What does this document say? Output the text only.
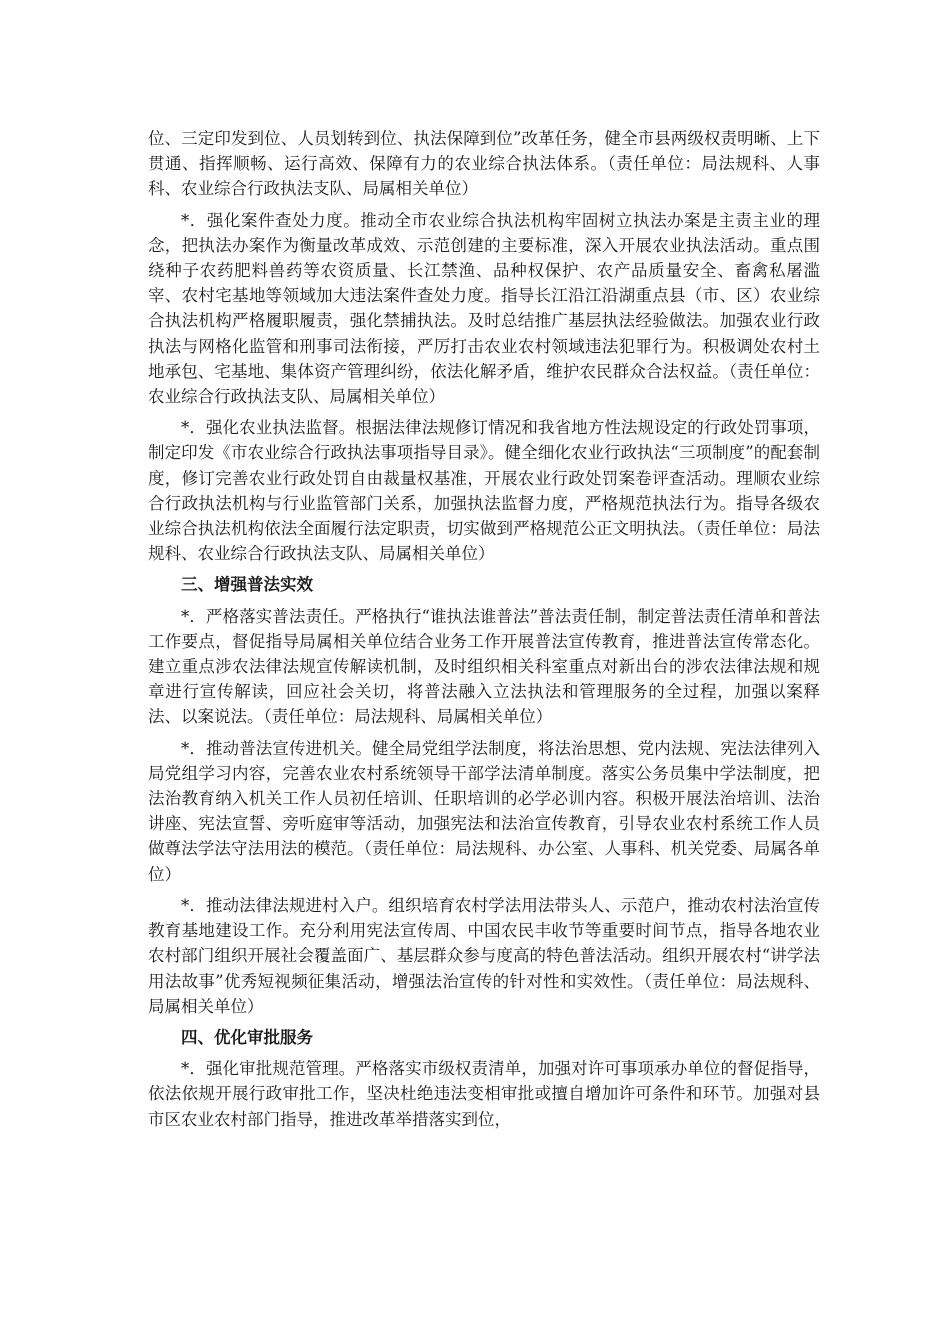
位、三定印发到位、人员划转到位、执法保障到位”改革任务，健全市县两级权责明晰、上下贯通、指挥顺畅、运行高效、保障有力的农业综合执法体系。（责任单位：局法规科、人事科、农业综合行政执法支队、局属相关单位）

*．强化案件查处力度。推动全市农业综合执法机构牢固树立执法办案是主责主业的理念，把执法办案作为衡量改革成效、示范创建的主要标准，深入开展农业执法活动。重点围绕种子农药肥料兽药等农资质量、长江禁渔、品种权保护、农产品质量安全、畜禽私屠滥宰、农村宅基地等领域加大违法案件查处力度。指导长江沿江沿湖重点县（市、区）农业综合执法机构严格履职履责，强化禁捕执法。及时总结推广基层执法经验做法。加强农业行政执法与网格化监管和刑事司法衔接，严厉打击农业农村领域违法犯罪行为。积极调处农村土地承包、宅基地、集体资产管理纠纷，依法化解矛盾，维护农民群众合法权益。（责任单位：农业综合行政执法支队、局属相关单位）

*．强化农业执法监督。根据法律法规修订情况和我省地方性法规设定的行政处罚事项，制定印发《市农业综合行政执法事项指导目录》。健全细化农业行政执法“三项制度”的配套制度，修订完善农业行政处罚自由裁量权基准，开展农业行政处罚案卷评查活动。理顺农业综合行政执法机构与行业监管部门关系，加强执法监督力度，严格规范执法行为。指导各级农业综合执法机构依法全面履行法定职责，切实做到严格规范公正文明执法。（责任单位：局法规科、农业综合行政执法支队、局属相关单位）

三、增强普法实效

*．严格落实普法责任。严格执行“谁执法谁普法”普法责任制，制定普法责任清单和普法工作要点，督促指导局属相关单位结合业务工作开展普法宣传教育，推进普法宣传常态化。建立重点涉农法律法规宣传解读机制，及时组织相关科室重点对新出台的涉农法律法规和规章进行宣传解读，回应社会关切，将普法融入立法执法和管理服务的全过程，加强以案释法、以案说法。（责任单位：局法规科、局属相关单位）

*．推动普法宣传进机关。健全局党组学法制度，将法治思想、党内法规、宪法法律列入局党组学习内容，完善农业农村系统领导干部学法清单制度。落实公务员集中学法制度，把法治教育纳入机关工作人员初任培训、任职培训的必学必训内容。积极开展法治培训、法治讲座、宪法宣誓、旁听庭审等活动，加强宪法和法治宣传教育，引导农业农村系统工作人员做尊法学法守法用法的模范。（责任单位：局法规科、办公室、人事科、机关党委、局属各单位）

*．推动法律法规进村入户。组织培育农村学法用法带头人、示范户，推动农村法治宣传教育基地建设工作。充分利用宪法宣传周、中国农民丰收节等重要时间节点，指导各地农业农村部门组织开展社会覆盖面广、基层群众参与度高的特色普法活动。组织开展农村“讲学法用法故事”优秀短视频征集活动，增强法治宣传的针对性和实效性。（责任单位：局法规科、局属相关单位）

四、优化审批服务

*．强化审批规范管理。严格落实市级权责清单，加强对许可事项承办单位的督促指导，依法依规开展行政审批工作，坚决杜绝违法变相审批或擅自增加许可条件和环节。加强对县市区农业农村部门指导，推进改革举措落实到位，
